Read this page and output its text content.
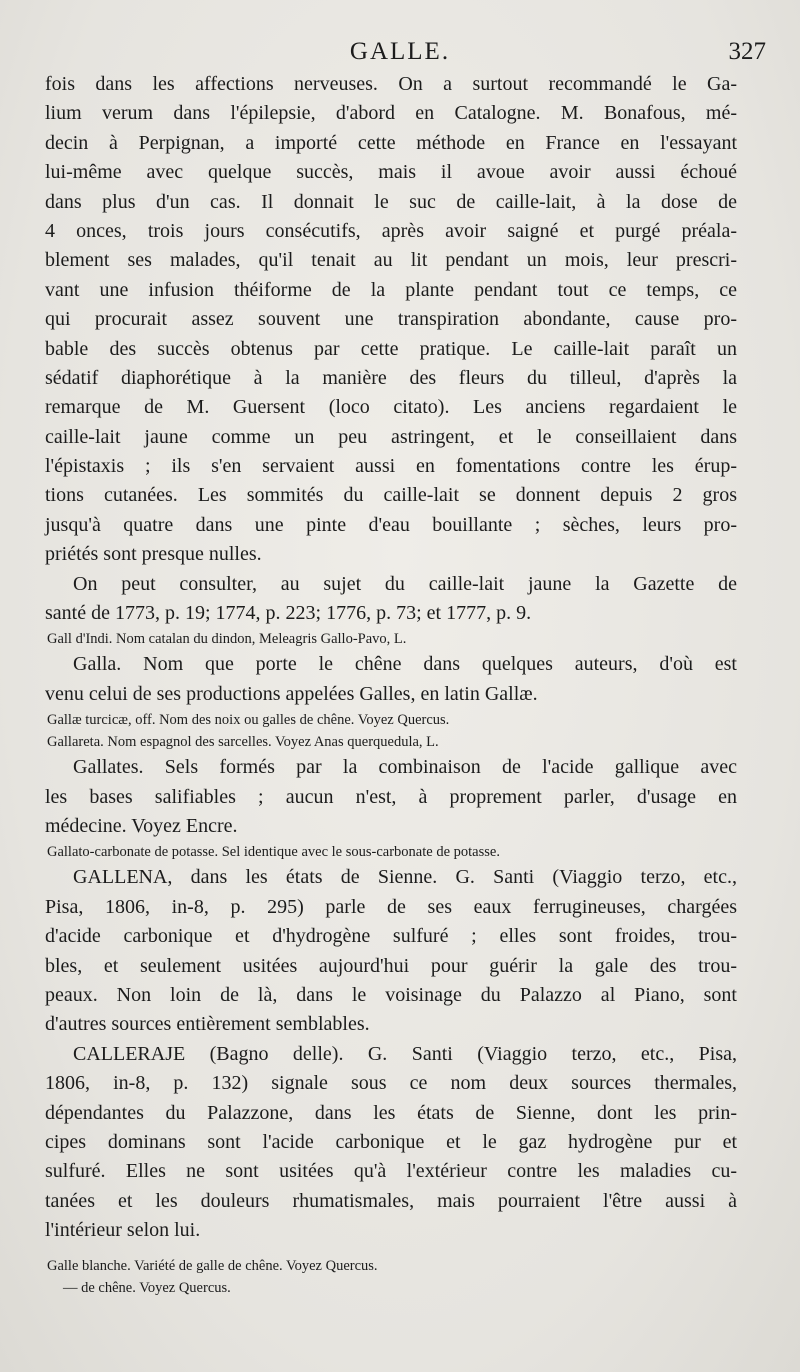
GALLE.	327
fois dans les affections nerveuses. On a surtout recommandé le Ga-
lium verum dans l'épilepsie, d'abord en Catalogne. M. Bonafous, mé-
decin à Perpignan, a importé cette méthode en France en l'essayant
lui-même avec quelque succès, mais il avoue avoir aussi échoué
dans plus d'un cas. Il donnait le suc de caille-lait, à la dose de
4 onces, trois jours consécutifs, après avoir saigné et purgé préala-
blement ses malades, qu'il tenait au lit pendant un mois, leur prescri-
vant une infusion théiforme de la plante pendant tout ce temps, ce
qui procurait assez souvent une transpiration abondante, cause pro-
bable des succès obtenus par cette pratique. Le caille-lait paraît un
sédatif diaphorétique à la manière des fleurs du tilleul, d'après la
remarque de M. Guersent (loco citato). Les anciens regardaient le
caille-lait jaune comme un peu astringent, et le conseillaient dans
l'épistaxis ; ils s'en servaient aussi en fomentations contre les érup-
tions cutanées. Les sommités du caille-lait se donnent depuis 2 gros
jusqu'à quatre dans une pinte d'eau bouillante ; sèches, leurs pro-
priétés sont presque nulles.
On peut consulter, au sujet du caille-lait jaune la Gazette de
santé de 1773, p. 19; 1774, p. 223; 1776, p. 73; et 1777, p. 9.
Gall d'Indi. Nom catalan du dindon, Meleagris Gallo-Pavo, L.
Galla. Nom que porte le chêne dans quelques auteurs, d'où est
venu celui de ses productions appelées Galles, en latin Gallæ.
Gallæ turcicæ, off. Nom des noix ou galles de chêne. Voyez Quercus.
Gallareta. Nom espagnol des sarcelles. Voyez Anas querquedula, L.
Gallates. Sels formés par la combinaison de l'acide gallique avec
les bases salifiables ; aucun n'est, à proprement parler, d'usage en
médecine. Voyez Encre.
Gallato-carbonate de potasse. Sel identique avec le sous-carbonate de potasse.
GALLENA, dans les états de Sienne. G. Santi (Viaggio terzo, etc.,
Pisa, 1806, in-8, p. 295) parle de ses eaux ferrugineuses, chargées
d'acide carbonique et d'hydrogène sulfuré ; elles sont froides, trou-
bles, et seulement usitées aujourd'hui pour guérir la gale des trou-
peaux. Non loin de là, dans le voisinage du Palazzo al Piano, sont
d'autres sources entièrement semblables.
CALLERAJE (Bagno delle). G. Santi (Viaggio terzo, etc., Pisa,
1806, in-8, p. 132) signale sous ce nom deux sources thermales,
dépendantes du Palazzone, dans les états de Sienne, dont les prin-
cipes dominans sont l'acide carbonique et le gaz hydrogène pur et
sulfuré. Elles ne sont usitées qu'à l'extérieur contre les maladies cu-
tanées et les douleurs rhumatismales, mais pourraient l'être aussi à
l'intérieur selon lui.
Galle blanche. Variété de galle de chêne. Voyez Quercus.
— de chêne. Voyez Quercus.
